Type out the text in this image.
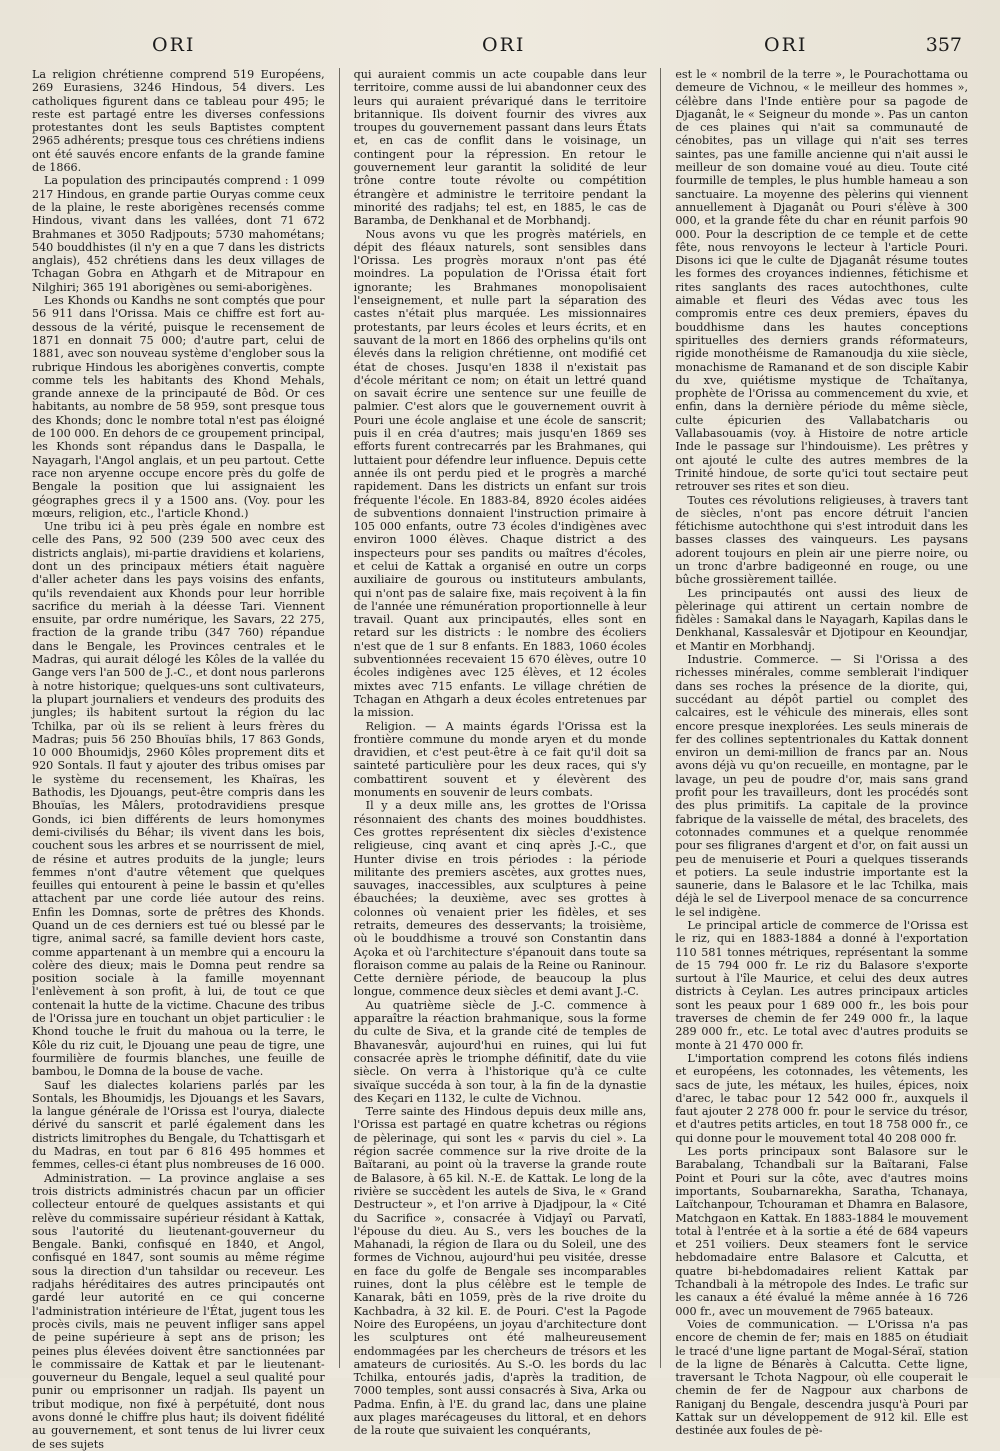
ORI	ORI	ORI	357

La religion chrétienne comprend 519 Européens, 269 Eurasiens, 3246 Hindous, 54 divers. Les catholiques figurent dans ce tableau pour 495; le reste est partagé entre les diverses confessions protestantes dont les seuls Baptistes comptent 2965 adhérents; presque tous ces chrétiens indiens ont été sauvés encore enfants de la grande famine de 1866.

La population des principautés comprend : 1 099 217 Hindous, en grande partie Ouryas comme ceux de la plaine, le reste aborigènes recensés comme Hindous, vivant dans les vallées, dont 71 672 Brahmanes et 3050 Radjpouts; 5730 mahométans; 540 bouddhistes (il n'y en a que 7 dans les districts anglais), 452 chrétiens dans les deux villages de Tchagan Gobra en Athgarh et de Mitrapour en Nilghiri; 365 191 aborigènes ou semi-aborigènes.

Les Khonds ou Kandhs ne sont comptés que pour 56 911 dans l'Orissa. Mais ce chiffre est fort au-dessous de la vérité, puisque le recensement de 1871 en donnait 75 000; d'autre part, celui de 1881, avec son nouveau système d'englober sous la rubrique Hindous les aborigènes convertis, compte comme tels les habitants des Khond Mehals, grande annexe de la principauté de Bôd. Or ces habitants, au nombre de 58 959, sont presque tous des Khonds; donc le nombre total n'est pas éloigné de 100 000. En dehors de ce groupement principal, les Khonds sont répandus dans le Daspalla, le Nayagarh, l'Angol anglais, et un peu partout. Cette race non aryenne occupe encore près du golfe de Bengale la position que lui assignaient les géographes grecs il y a 1500 ans. (Voy. pour les mœurs, religion, etc., l'article Khond.)

Une tribu ici à peu près égale en nombre est celle des Pans, 92 500 (239 500 avec ceux des districts anglais), mi-partie dravidiens et kolariens, dont un des principaux métiers était naguère d'aller acheter dans les pays voisins des enfants, qu'ils revendaient aux Khonds pour leur horrible sacrifice du meriah à la déesse Tari. Viennent ensuite, par ordre numérique, les Savars, 22 275, fraction de la grande tribu (347 760) répandue dans le Bengale, les Provinces centrales et le Madras, qui aurait délogé les Kôles de la vallée du Gange vers l'an 500 de J.-C., et dont nous parlerons à notre historique; quelques-uns sont cultivateurs, la plupart journaliers et vendeurs des produits des jungles; ils habitent surtout la région du lac Tchilka, par où ils se relient à leurs frères du Madras; puis 56 250 Bhouïas bhils, 17 863 Gonds, 10 000 Bhoumidjs, 2960 Kôles proprement dits et 920 Sontals. Il faut y ajouter des tribus omises par le système du recensement, les Khaïras, les Bathodis, les Djouangs, peut-être compris dans les Bhouïas, les Mâlers, protodravidiens presque Gonds, ici bien différents de leurs homonymes demi-civilisés du Béhar; ils vivent dans les bois, couchent sous les arbres et se nourrissent de miel, de résine et autres produits de la jungle; leurs femmes n'ont d'autre vêtement que quelques feuilles qui entourent à peine le bassin et qu'elles attachent par une corde liée autour des reins. Enfin les Domnas, sorte de prêtres des Khonds. Quand un de ces derniers est tué ou blessé par le tigre, animal sacré, sa famille devient hors caste, comme appartenant à un membre qui a encouru la colère des dieux; mais le Domna peut rendre sa position sociale à la famille moyennant l'enlèvement à son profit, à lui, de tout ce que contenait la hutte de la victime. Chacune des tribus de l'Orissa jure en touchant un objet particulier : le Khond touche le fruit du mahoua ou la terre, le Kôle du riz cuit, le Djouang une peau de tigre, une fourmilière de fourmis blanches, une feuille de bambou, le Domna de la bouse de vache.

Sauf les dialectes kolariens parlés par les Sontals, les Bhoumidjs, les Djouangs et les Savars, la langue générale de l'Orissa est l'ourya, dialecte dérivé du sanscrit et parlé également dans les districts limitrophes du Bengale, du Tchattisgarh et du Madras, en tout par 6 816 495 hommes et femmes, celles-ci étant plus nombreuses de 16 000.

Administration. — La province anglaise a ses trois districts administrés chacun par un officier collecteur entouré de quelques assistants et qui relève du commissaire supérieur résidant à Kattak, sous l'autorité du lieutenant-gouverneur du Bengale. Banki, confisqué en 1840, et Angol, confisqué en 1847, sont soumis au même régime sous la direction d'un tahsildar ou receveur. Les radjahs héréditaires des autres principautés ont gardé leur autorité en ce qui concerne l'administration intérieure de l'État, jugent tous les procès civils, mais ne peuvent infliger sans appel de peine supérieure à sept ans de prison; les peines plus élevées doivent être sanctionnées par le commissaire de Kattak et par le lieutenant-gouverneur du Bengale, lequel a seul qualité pour punir ou emprisonner un radjah. Ils payent un tribut modique, non fixé à perpétuité, dont nous avons donné le chiffre plus haut; ils doivent fidélité au gouvernement, et sont tenus de lui livrer ceux de ses sujets

qui auraient commis un acte coupable dans leur territoire, comme aussi de lui abandonner ceux des leurs qui auraient prévariqué dans le territoire britannique. Ils doivent fournir des vivres aux troupes du gouvernement passant dans leurs États et, en cas de conflit dans le voisinage, un contingent pour la répression. En retour le gouvernement leur garantit la solidité de leur trône contre toute révolte ou compétition étrangère et administre le territoire pendant la minorité des radjahs; tel est, en 1885, le cas de Baramba, de Denkhanal et de Morbhandj.

Nous avons vu que les progrès matériels, en dépit des fléaux naturels, sont sensibles dans l'Orissa. Les progrès moraux n'ont pas été moindres. La population de l'Orissa était fort ignorante; les Brahmanes monopolisaient l'enseignement, et nulle part la séparation des castes n'était plus marquée. Les missionnaires protestants, par leurs écoles et leurs écrits, et en sauvant de la mort en 1866 des orphelins qu'ils ont élevés dans la religion chrétienne, ont modifié cet état de choses. Jusqu'en 1838 il n'existait pas d'école méritant ce nom; on était un lettré quand on savait écrire une sentence sur une feuille de palmier. C'est alors que le gouvernement ouvrit à Pouri une école anglaise et une école de sanscrit; puis il en créa d'autres; mais jusqu'en 1869 ses efforts furent contrecarrés par les Brahmanes, qui luttaient pour défendre leur influence. Depuis cette année ils ont perdu pied et le progrès a marché rapidement. Dans les districts un enfant sur trois fréquente l'école. En 1883-84, 8920 écoles aidées de subventions donnaient l'instruction primaire à 105 000 enfants, outre 73 écoles d'indigènes avec environ 1000 élèves. Chaque district a des inspecteurs pour ses pandits ou maîtres d'écoles, et celui de Kattak a organisé en outre un corps auxiliaire de gourous ou instituteurs ambulants, qui n'ont pas de salaire fixe, mais reçoivent à la fin de l'année une rémunération proportionnelle à leur travail. Quant aux principautés, elles sont en retard sur les districts : le nombre des écoliers n'est que de 1 sur 8 enfants. En 1883, 1060 écoles subventionnées recevaient 15 670 élèves, outre 10 écoles indigènes avec 125 élèves, et 12 écoles mixtes avec 715 enfants. Le village chrétien de Tchagan en Athgarh a deux écoles entretenues par la mission.

Religion. — A maints égards l'Orissa est la frontière commune du monde aryen et du monde dravidien, et c'est peut-être à ce fait qu'il doit sa sainteté particulière pour les deux races, qui s'y combattirent souvent et y élevèrent des monuments en souvenir de leurs combats.

Il y a deux mille ans, les grottes de l'Orissa résonnaient des chants des moines bouddhistes. Ces grottes représentent dix siècles d'existence religieuse, cinq avant et cinq après J.-C., que Hunter divise en trois périodes : la période militante des premiers ascètes, aux grottes nues, sauvages, inaccessibles, aux sculptures à peine ébauchées; la deuxième, avec ses grottes à colonnes où venaient prier les fidèles, et ses retraits, demeures des desservants; la troisième, où le bouddhisme a trouvé son Constantin dans Açoka et où l'architecture s'épanouit dans toute sa floraison comme au palais de la Reine ou Raninour. Cette dernière période, de beaucoup la plus longue, commence deux siècles et demi avant J.-C.

Au quatrième siècle de J.-C. commence à apparaître la réaction brahmanique, sous la forme du culte de Siva, et la grande cité de temples de Bhavanesvâr, aujourd'hui en ruines, qui lui fut consacrée après le triomphe définitif, date du viie siècle. On verra à l'historique qu'à ce culte sivaïque succéda à son tour, à la fin de la dynastie des Keçari en 1132, le culte de Vichnou.

Terre sainte des Hindous depuis deux mille ans, l'Orissa est partagé en quatre kchetras ou régions de pèlerinage, qui sont les « parvis du ciel ». La région sacrée commence sur la rive droite de la Baïtarani, au point où la traverse la grande route de Balasore, à 65 kil. N.-E. de Kattak. Le long de la rivière se succèdent les autels de Siva, le « Grand Destructeur », et l'on arrive à Djadjpour, la « Cité du Sacrifice », consacrée à Vidjayî ou Parvatî, l'épouse du dieu. Au S., vers les bouches de la Mahanadi, la région de Ilara ou du Soleil, une des formes de Vichnou, aujourd'hui peu visitée, dresse en face du golfe de Bengale ses incomparables ruines, dont la plus célèbre est le temple de Kanarak, bâti en 1059, près de la rive droite du Kachbadra, à 32 kil. E. de Pouri. C'est la Pagode Noire des Européens, un joyau d'architecture dont les sculptures ont été malheureusement endommagées par les chercheurs de trésors et les amateurs de curiosités. Au S.-O. les bords du lac Tchilka, entourés jadis, d'après la tradition, de 7000 temples, sont aussi consacrés à Siva, Arka ou Padma. Enfin, à l'E. du grand lac, dans une plaine aux plages marécageuses du littoral, et en dehors de la route que suivaient les conquérants,

est le « nombril de la terre », le Pourachottama ou demeure de Vichnou, « le meilleur des hommes », célèbre dans l'Inde entière pour sa pagode de Djaganât, le « Seigneur du monde ». Pas un canton de ces plaines qui n'ait sa communauté de cénobites, pas un village qui n'ait ses terres saintes, pas une famille ancienne qui n'ait aussi le meilleur de son domaine voué au dieu. Toute cité fourmille de temples, le plus humble hameau a son sanctuaire. La moyenne des pèlerins qui viennent annuellement à Djaganât ou Pouri s'élève à 300 000, et la grande fête du char en réunit parfois 90 000. Pour la description de ce temple et de cette fête, nous renvoyons le lecteur à l'article Pouri. Disons ici que le culte de Djaganât résume toutes les formes des croyances indiennes, fétichisme et rites sanglants des races autochthones, culte aimable et fleuri des Védas avec tous les compromis entre ces deux premiers, épaves du bouddhisme dans les hautes conceptions spirituelles des derniers grands réformateurs, rigide monothéisme de Ramanoudja du xiie siècle, monachisme de Ramanand et de son disciple Kabir du xve, quiétisme mystique de Tchaïtanya, prophète de l'Orissa au commencement du xvie, et enfin, dans la dernière période du même siècle, culte épicurien des Vallabatcharis ou Vallabasouamis (voy. à Histoire de notre article Inde le passage sur l'hindouisme). Les prêtres y ont ajouté le culte des autres membres de la Trinité hindoue, de sorte qu'ici tout sectaire peut retrouver ses rites et son dieu.

Toutes ces révolutions religieuses, à travers tant de siècles, n'ont pas encore détruit l'ancien fétichisme autochthone qui s'est introduit dans les basses classes des vainqueurs. Les paysans adorent toujours en plein air une pierre noire, ou un tronc d'arbre badigeonné en rouge, ou une bûche grossièrement taillée.

Les principautés ont aussi des lieux de pèlerinage qui attirent un certain nombre de fidèles : Samakal dans le Nayagarh, Kapilas dans le Denkhanal, Kassalesvâr et Djotipour en Keoundjar, et Mantir en Morbhandj.

Industrie. Commerce. — Si l'Orissa a des richesses minérales, comme semblerait l'indiquer dans ses roches la présence de la diorite, qui, succédant au dépôt partiel ou complet des calcaires, est le véhicule des minerais, elles sont encore presque inexplorées. Les seuls minerais de fer des collines septentrionales du Kattak donnent environ un demi-million de francs par an. Nous avons déjà vu qu'on recueille, en montagne, par le lavage, un peu de poudre d'or, mais sans grand profit pour les travailleurs, dont les procédés sont des plus primitifs. La capitale de la province fabrique de la vaisselle de métal, des bracelets, des cotonnades communes et a quelque renommée pour ses filigranes d'argent et d'or, on fait aussi un peu de menuiserie et Pouri a quelques tisserands et potiers. La seule industrie importante est la saunerie, dans le Balasore et le lac Tchilka, mais déjà le sel de Liverpool menace de sa concurrence le sel indigène.

Le principal article de commerce de l'Orissa est le riz, qui en 1883-1884 a donné à l'exportation 110 581 tonnes métriques, représentant la somme de 15 794 000 fr. Le riz du Balasore s'exporte surtout à l'île Maurice, et celui des deux autres districts à Ceylan. Les autres principaux articles sont les peaux pour 1 689 000 fr., les bois pour traverses de chemin de fer 249 000 fr., la laque 289 000 fr., etc. Le total avec d'autres produits se monte à 21 470 000 fr.

L'importation comprend les cotons filés indiens et européens, les cotonnades, les vêtements, les sacs de jute, les métaux, les huiles, épices, noix d'arec, le tabac pour 12 542 000 fr., auxquels il faut ajouter 2 278 000 fr. pour le service du trésor, et d'autres petits articles, en tout 18 758 000 fr., ce qui donne pour le mouvement total 40 208 000 fr.

Les ports principaux sont Balasore sur le Barabalang, Tchandbali sur la Baïtarani, False Point et Pouri sur la côte, avec d'autres moins importants, Soubarnarekha, Saratha, Tchanaya, Laïtchanpour, Tchouraman et Dhamra en Balasore, Matchgaon en Kattak. En 1883-1884 le mouvement total à l'entrée et à la sortie a été de 684 vapeurs et 251 voiliers. Deux steamers font le service hebdomadaire entre Balasore et Calcutta, et quatre bi-hebdomadaires relient Kattak par Tchandbali à la métropole des Indes. Le trafic sur les canaux a été évalué la même année à 16 726 000 fr., avec un mouvement de 7965 bateaux.

Voies de communication. — L'Orissa n'a pas encore de chemin de fer; mais en 1885 on étudiait le tracé d'une ligne partant de Mogal-Séraï, station de la ligne de Bénarès à Calcutta. Cette ligne, traversant le Tchota Nagpour, où elle couperait le chemin de fer de Nagpour aux charbons de Raniganj du Bengale, descendra jusqu'à Pouri par Kattak sur un développement de 912 kil. Elle est destinée aux foules de pè-
